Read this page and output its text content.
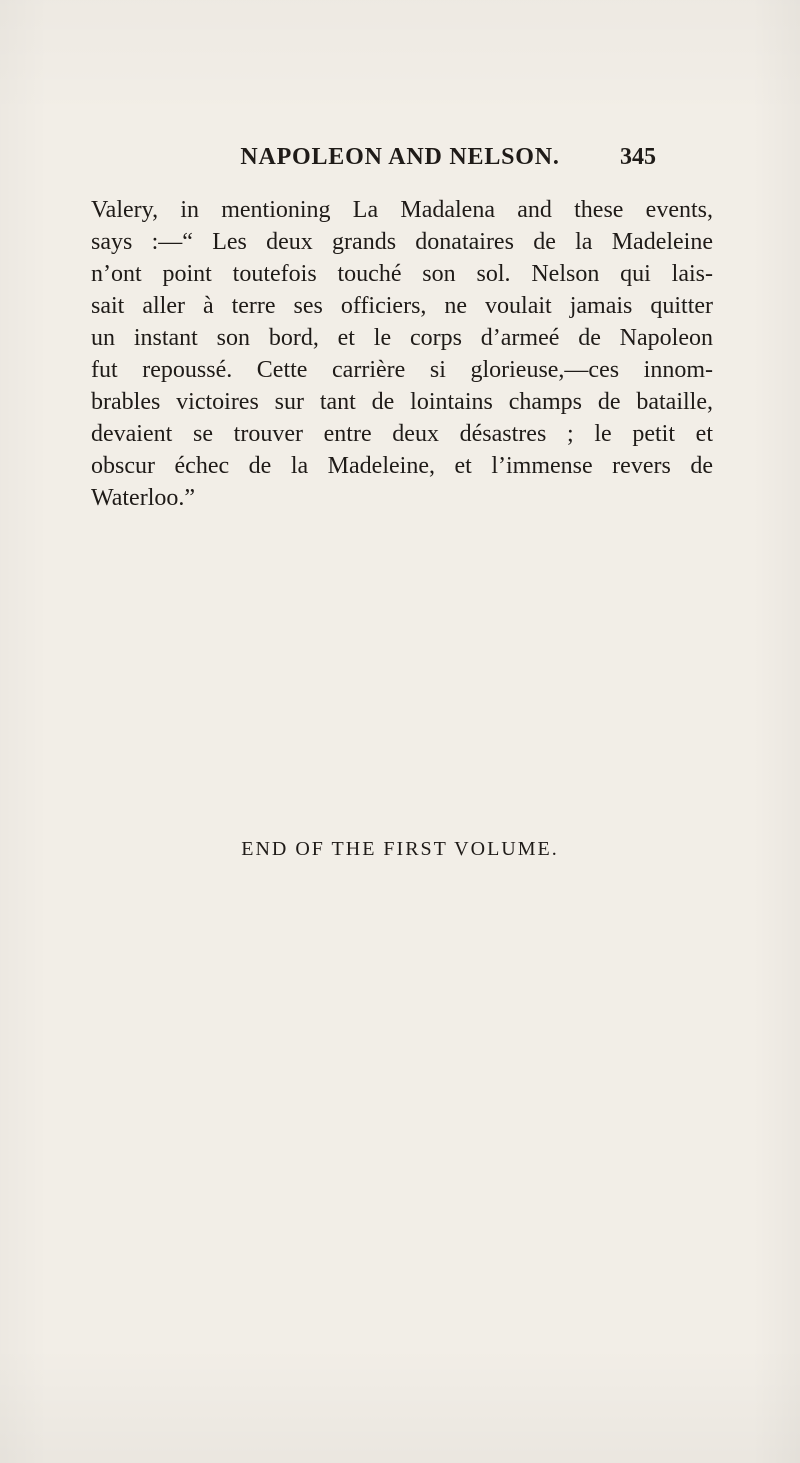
NAPOLEON AND NELSON.	345
Valery, in mentioning La Madalena and these events,
says :—“ Les deux grands donataires de la Madeleine
n’ont point toutefois touché son sol. Nelson qui lais-
sait aller à terre ses officiers, ne voulait jamais quitter
un instant son bord, et le corps d’armeé de Napoleon
fut repoussé. Cette carrière si glorieuse,—ces innom-
brables victoires sur tant de lointains champs de bataille,
devaient se trouver entre deux désastres ; le petit et
obscur échec de la Madeleine, et l’immense revers de
Waterloo.”
END OF THE FIRST VOLUME.
